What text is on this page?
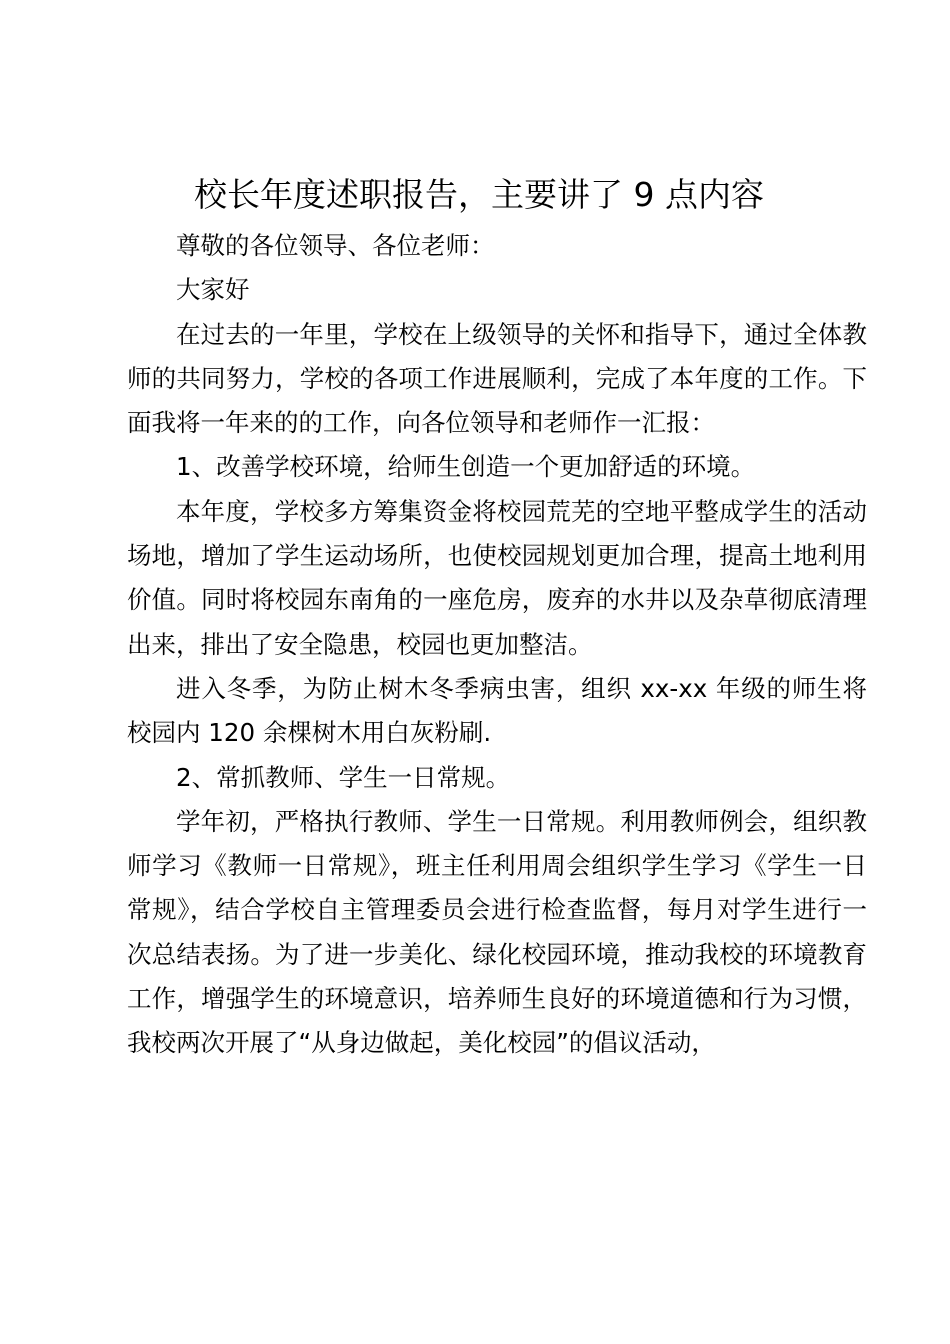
校长年度述职报告，主要讲了 9 点内容

尊敬的各位领导、各位老师：

大家好

在过去的一年里，学校在上级领导的关怀和指导下，通过全体教师的共同努力，学校的各项工作进展顺利，完成了本年度的工作。下面我将一年来的的工作，向各位领导和老师作一汇报：

1、改善学校环境，给师生创造一个更加舒适的环境。

本年度，学校多方筹集资金将校园荒芜的空地平整成学生的活动场地，增加了学生运动场所，也使校园规划更加合理，提高土地利用价值。同时将校园东南角的一座危房，废弃的水井以及杂草彻底清理出来，排出了安全隐患，校园也更加整洁。

进入冬季，为防止树木冬季病虫害，组织 xx-xx 年级的师生将校园内 120 余棵树木用白灰粉刷.

2、常抓教师、学生一日常规。

学年初，严格执行教师、学生一日常规。利用教师例会，组织教师学习《教师一日常规》，班主任利用周会组织学生学习《学生一日常规》，结合学校自主管理委员会进行检查监督，每月对学生进行一次总结表扬。为了进一步美化、绿化校园环境，推动我校的环境教育工作，增强学生的环境意识，培养师生良好的环境道德和行为习惯，我校两次开展了“从身边做起，美化校园”的倡议活动，
